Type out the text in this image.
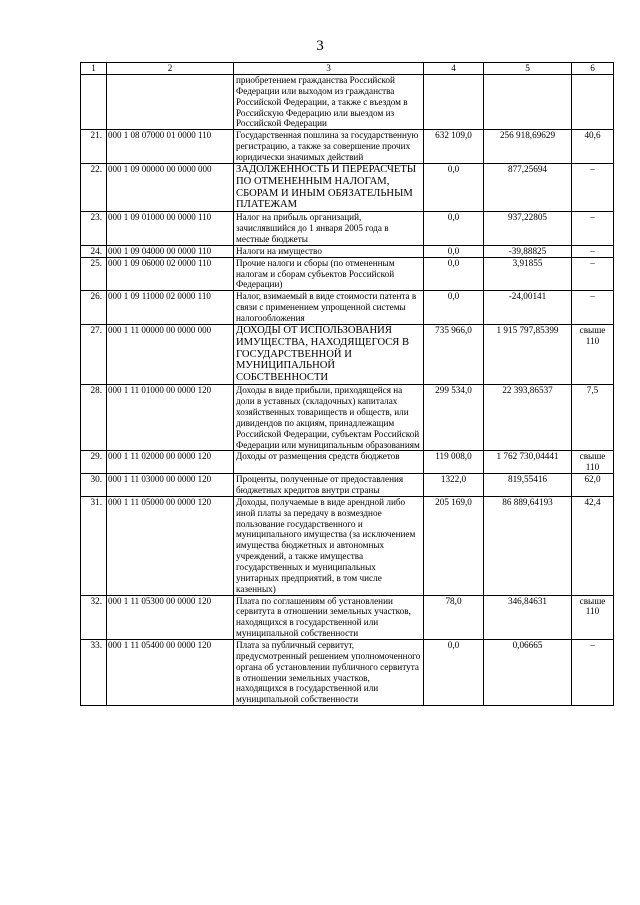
3
1	2	3	4	5	6
		приобретением гражданства Российской Федерации или выходом из гражданства Российской Федерации, а также с въездом в Российскую Федерацию или выездом из Российской Федерации			
21.	000 1 08 07000 01 0000 110	Государственная пошлина за государственную регистрацию, а также за совершение прочих юридически значимых действий	632 109,0	256 918,69629	40,6
22.	000 1 09 00000 00 0000 000	ЗАДОЛЖЕННОСТЬ И ПЕРЕРАСЧЕТЫ ПО ОТМЕНЕННЫМ НАЛОГАМ, СБОРАМ И ИНЫМ ОБЯЗАТЕЛЬНЫМ ПЛАТЕЖАМ	0,0	877,25694	–
23.	000 1 09 01000 00 0000 110	Налог на прибыль организаций, зачислявшийся до 1 января 2005 года в местные бюджеты	0,0	937,22805	–
24.	000 1 09 04000 00 0000 110	Налоги на имущество	0,0	-39,88825	–
25.	000 1 09 06000 02 0000 110	Прочие налоги и сборы (по отмененным налогам и сборам субъектов Российской Федерации)	0,0	3,91855	–
26.	000 1 09 11000 02 0000 110	Налог, взимаемый в виде стоимости патента в связи с применением упрощенной системы налогообложения	0,0	-24,00141	–
27.	000 1 11 00000 00 0000 000	ДОХОДЫ ОТ ИСПОЛЬЗОВАНИЯ ИМУЩЕСТВА, НАХОДЯЩЕГОСЯ В ГОСУДАРСТВЕННОЙ И МУНИЦИПАЛЬНОЙ СОБСТВЕННОСТИ	735 966,0	1 915 797,85399	свыше 110
28.	000 1 11 01000 00 0000 120	Доходы в виде прибыли, приходящейся на доли в уставных (складочных) капиталах хозяйственных товариществ и обществ, или дивидендов по акциям, принадлежащим Российской Федерации, субъектам Российской Федерации или муниципальным образованиям	299 534,0	22 393,86537	7,5
29.	000 1 11 02000 00 0000 120	Доходы от размещения средств бюджетов	119 008,0	1 762 730,04441	свыше 110
30.	000 1 11 03000 00 0000 120	Проценты, полученные от предоставления бюджетных кредитов внутри страны	1322,0	819,55416	62,0
31.	000 1 11 05000 00 0000 120	Доходы, получаемые в виде арендной либо иной платы за передачу в возмездное пользование государственного и муниципального имущества (за исключением имущества бюджетных и автономных учреждений, а также имущества государственных и муниципальных унитарных предприятий, в том числе казенных)	205 169,0	86 889,64193	42,4
32.	000 1 11 05300 00 0000 120	Плата по соглашениям об установлении сервитута в отношении земельных участков, находящихся в государственной или муниципальной собственности	78,0	346,84631	свыше 110
33.	000 1 11 05400 00 0000 120	Плата за публичный сервитут, предусмотренный решением уполномоченного органа об установлении публичного сервитута в отношении земельных участков, находящихся в государственной или муниципальной собственности	0,0	0,06665	–
